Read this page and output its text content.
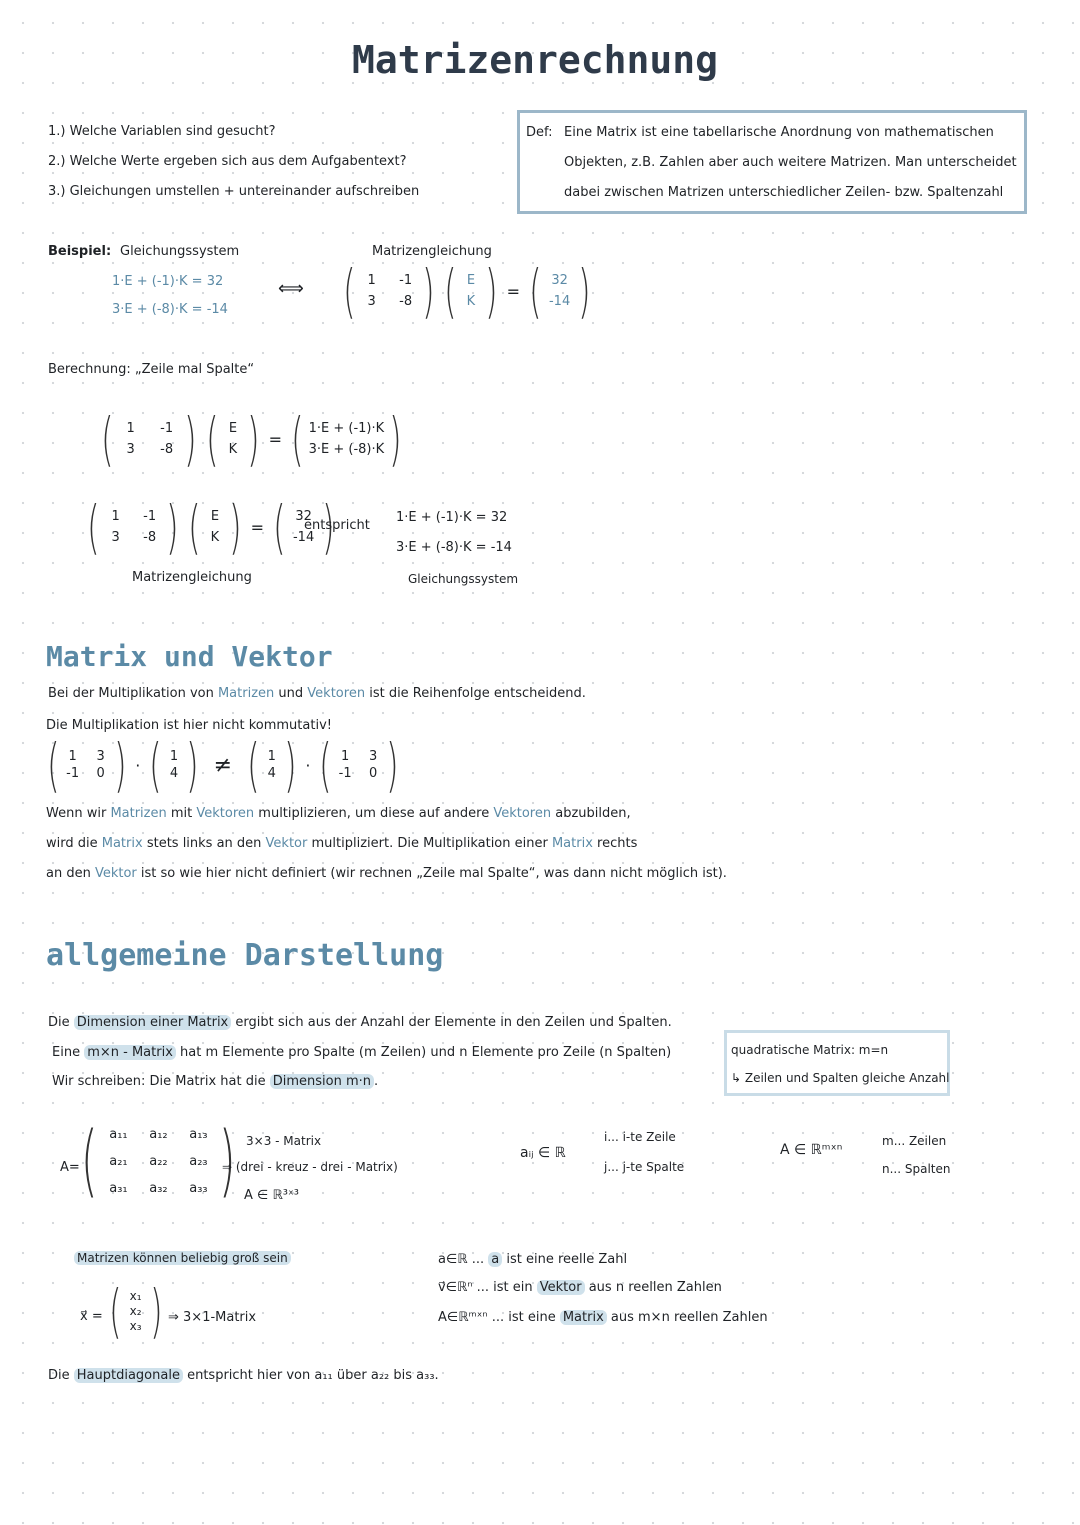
Matrizenrechnung
1.) Welche Variablen sind gesucht?
2.) Welche Werte ergeben sich aus dem Aufgabentext?
3.) Gleichungen umstellen + untereinander aufschreiben
Def: Eine Matrix ist eine tabellarische Anordnung von mathematischen
Objekten, z.B. Zahlen aber auch weitere Matrizen. Man unterscheidet
dabei zwischen Matrizen unterschiedlicher Zeilen- bzw. Spaltenzahl
Beispiel: Gleichungssystem
1·E + (-1)·K = 32
3·E + (-8)·K = -14
⟺
Matrizengleichung
( 1	-1
3	-8 ) ( E
K ) = ( 32
-14 )
Berechnung: „Zeile mal Spalte“
( 1	-1
3	-8 ) ( E
K ) = ( 1·E + (-1)·K
3·E + (-8)·K )
( 1	-1
3	-8 ) ( E
K ) = ( 32
-14 )
Matrizengleichung
entspricht
1·E + (-1)·K = 32
3·E + (-8)·K = -14
Gleichungssystem
Matrix und Vektor
Bei der Multiplikation von Matrizen und Vektoren ist die Reihenfolge entscheidend.
Die Multiplikation ist hier nicht kommutativ!
( 1 3
-1 0 ) · ( 1
4 ) ≠ ( 1
4 ) · ( 1 3
-1 0 )
Wenn wir Matrizen mit Vektoren multiplizieren, um diese auf andere Vektoren abzubilden,
wird die Matrix stets links an den Vektor multipliziert. Die Multiplikation einer Matrix rechts
an den Vektor ist so wie hier nicht definiert (wir rechnen „Zeile mal Spalte“, was dann nicht möglich ist).
allgemeine Darstellung
Die Dimension einer Matrix ergibt sich aus der Anzahl der Elemente in den Zeilen und Spalten.
Eine m×n - Matrix hat m Elemente pro Spalte (m Zeilen) und n Elemente pro Zeile (n Spalten)
Wir schreiben: Die Matrix hat die Dimension m·n .
quadratische Matrix: m=n
↳ Zeilen und Spalten gleiche Anzahl
A= ( a₁₁	a₁₂	a₁₃
a₂₁	a₂₂	a₂₃
a₃₁	a₃₂	a₃₃ ) 3×3 - Matrix
⇒ (drei - kreuz - drei - Matrix)
A ∈ ℝ³ˣ³
aᵢⱼ ∈ ℝ
i... i-te Zeile
j... j-te Spalte
A ∈ ℝᵐˣⁿ
m... Zeilen
n... Spalten
Matrizen können beliebig groß sein
x⃗ = ( x₁
x₂
x₃ ) ⇒ 3×1-Matrix
a∈ℝ ... a ist eine reelle Zahl
v⃗∈ℝⁿ ... ist ein Vektor aus n reellen Zahlen
A∈ℝᵐˣⁿ ... ist eine Matrix aus m×n reellen Zahlen
Die Hauptdiagonale entspricht hier von a₁₁ über a₂₂ bis a₃₃.
